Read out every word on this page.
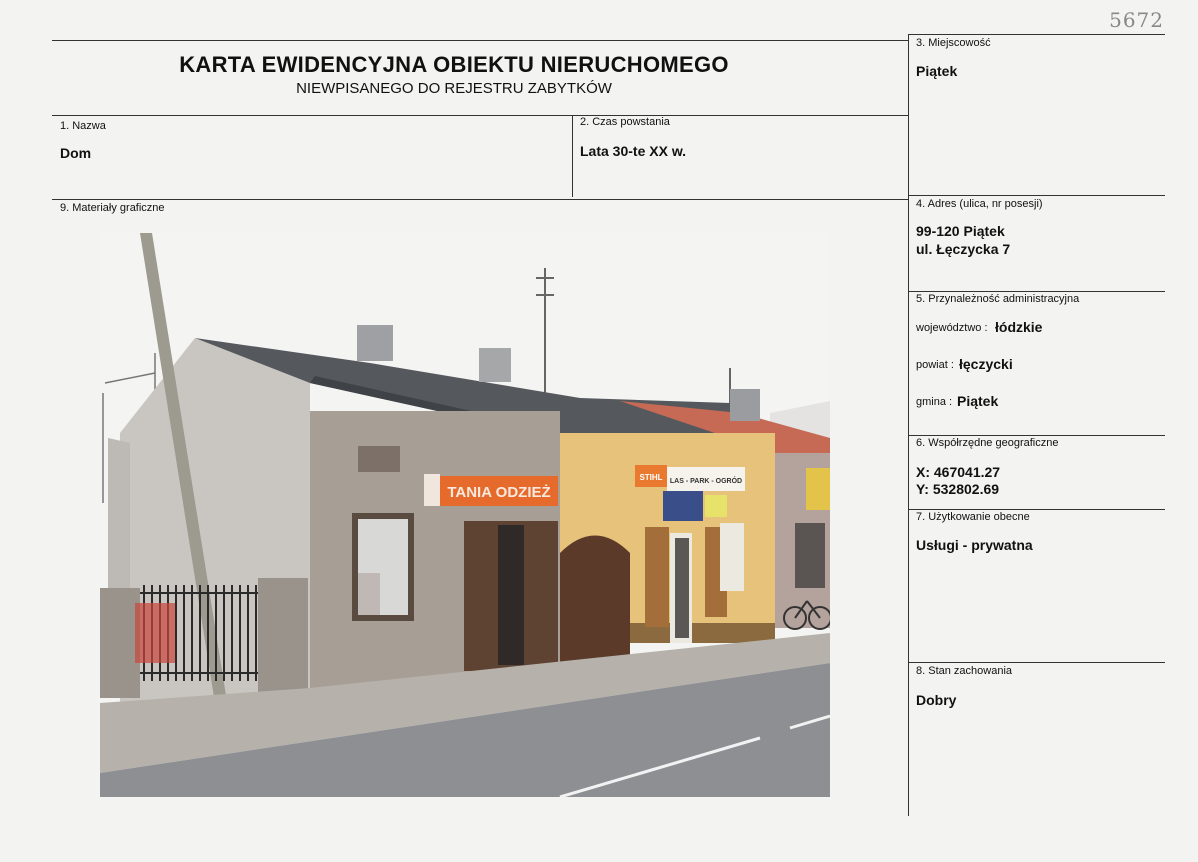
5672
KARTA EWIDENCYJNA OBIEKTU NIERUCHOMEGO
NIEWPISANEGO DO REJESTRU ZABYTKÓW
1. Nazwa
Dom
2. Czas powstania
Lata 30-te XX w.
3. Miejscowość
Piątek
4. Adres (ulica, nr posesji)
99-120 Piątek
ul. Łęczycka 7
5. Przynależność administracyjna
województwo : łódzkie
powiat : łęczycki
gmina : Piątek
6. Współrzędne geograficzne
X: 467041.27
Y: 532802.69
7. Użytkowanie obecne
Usługi - prywatna
8. Stan zachowania
Dobry
9. Materiały graficzne
TANIA ODZIEŻ
STIHL LAS - PARK - OGRÓD
